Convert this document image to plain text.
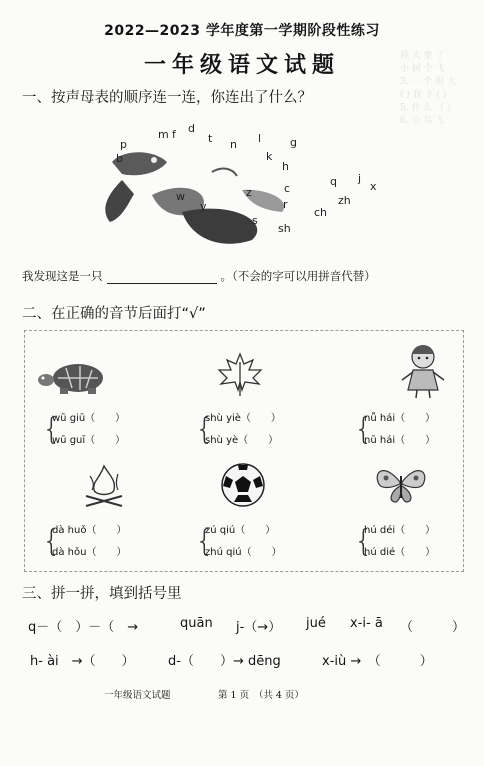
我 大 象 了
小 树 个 飞
3. 一 个 很 大
( ) 我 下 ( )
5. 什 么 （ ）
6. 小 鸟 飞
2022—2023 学年度第一学期阶段性练习
一年级语文试题
一、按声母表的顺序连一连，你连出了什么？
m f d
p	t n l	g
b	k
h
q j
x
c
z
zh
y
w
r
ch
s
sh
我发现这是一只	。（不会的字可以用拼音代替）
二、在正确的音节后面打“√”
{
wū giū（　　）
wū guī（　　） {
shù yiè（　　）
shù yè（　　）	{
nǚ hái（　　）
nū hái（　　）
{
dà huǒ（　　）
dà hǒu（　　） {
zú qiú（　　）
zhú qiú（　　） {
hú déi（　　）
hú dié（　　）
三、拼一拼，填到括号里
q－（　）－（　→	quān j-（→） jué x-i- ā （　　　）
h- ài　→（　　）	d-（　　）→ dēng	x-iù →　（　　　）
一年级语文试题	第 1 页　（共 4 页）
